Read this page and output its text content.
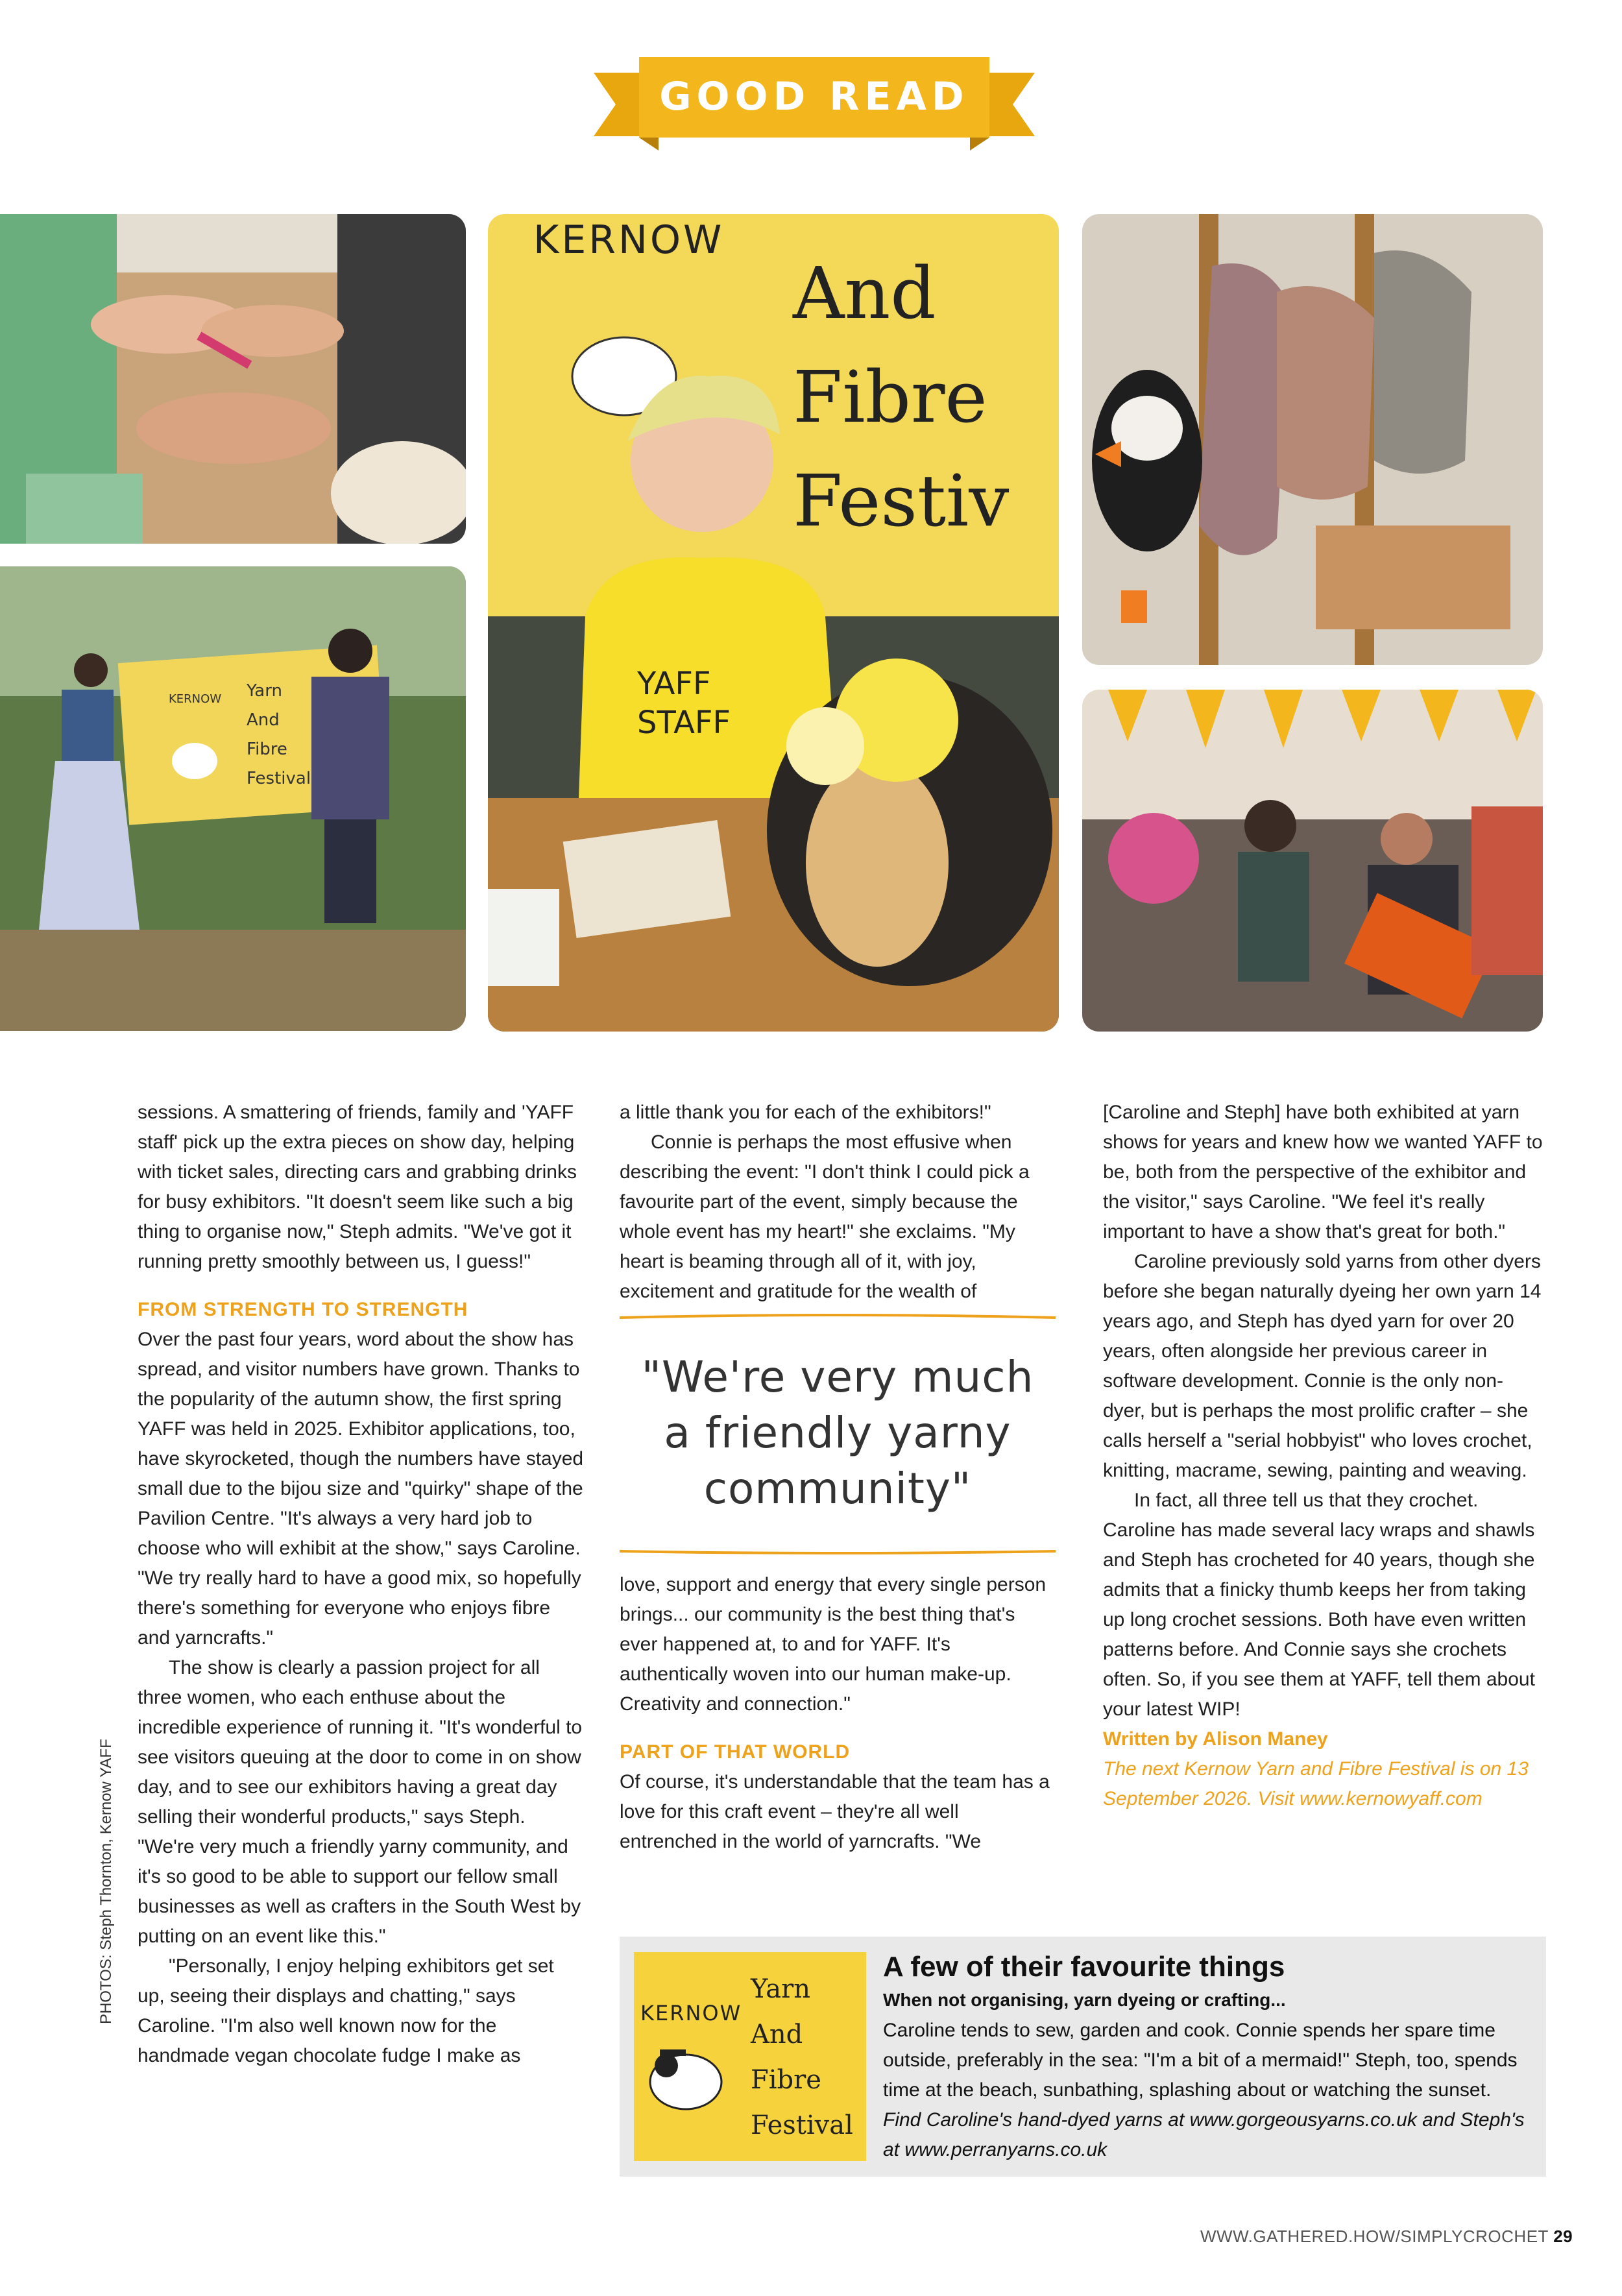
GOOD READ
KERNOW Yarn
And
Fibre
Festival
KERNOW
And
Fibre
Festiv
YAFF
STAFF

sessions. A smattering of friends, family and 'YAFF staff' pick up the extra pieces on show day, helping with ticket sales, directing cars and grabbing drinks for busy exhibitors. "It doesn't seem like such a big thing to organise now," Steph admits. "We've got it running pretty smoothly between us, I guess!"

FROM STRENGTH TO STRENGTH

Over the past four years, word about the show has spread, and visitor numbers have grown. Thanks to the popularity of the autumn show, the first spring YAFF was held in 2025. Exhibitor applications, too, have skyrocketed, though the numbers have stayed small due to the bijou size and "quirky" shape of the Pavilion Centre. "It's always a very hard job to choose who will exhibit at the show," says Caroline. "We try really hard to have a good mix, so hopefully there's something for everyone who enjoys fibre and yarncrafts."

The show is clearly a passion project for all three women, who each enthuse about the incredible experience of running it. "It's wonderful to see visitors queuing at the door to come in on show day, and to see our exhibitors having a great day selling their wonderful products," says Steph. "We're very much a friendly yarny community, and it's so good to be able to support our fellow small businesses as well as crafters in the South West by putting on an event like this."

"Personally, I enjoy helping exhibitors get set up, seeing their displays and chatting," says Caroline. "I'm also well known now for the handmade vegan chocolate fudge I make as

PHOTOS: Steph Thornton, Kernow YAFF

a little thank you for each of the exhibitors!"

Connie is perhaps the most effusive when describing the event: "I don't think I could pick a favourite part of the event, simply because the whole event has my heart!" she exclaims. "My heart is beaming through all of it, with joy, excitement and gratitude for the wealth of

"We're very much
a friendly yarny
community"

love, support and energy that every single person brings... our community is the best thing that's ever happened at, to and for YAFF. It's authentically woven into our human make-up. Creativity and connection."

PART OF THAT WORLD

Of course, it's understandable that the team has a love for this craft event – they're all well entrenched in the world of yarncrafts. "We

[Caroline and Steph] have both exhibited at yarn shows for years and knew how we wanted YAFF to be, both from the perspective of the exhibitor and the visitor," says Caroline. "We feel it's really important to have a show that's great for both."

Caroline previously sold yarns from other dyers before she began naturally dyeing her own yarn 14 years ago, and Steph has dyed yarn for over 20 years, often alongside her previous career in software development. Connie is the only non-dyer, but is perhaps the most prolific crafter – she calls herself a "serial hobbyist" who loves crochet, knitting, macrame, sewing, painting and weaving.

In fact, all three tell us that they crochet. Caroline has made several lacy wraps and shawls and Steph has crocheted for 40 years, though she admits that a finicky thumb keeps her from taking up long crochet sessions. Both have even written patterns before. And Connie says she crochets often. So, if you see them at YAFF, tell them about your latest WIP!

Written by Alison Maney

The next Kernow Yarn and Fibre Festival is on 13 September 2026. Visit www.kernowyaff.com

KERNOW
Yarn
And
Fibre
Festival
A few of their favourite things
When not organising, yarn dyeing or crafting...
Caroline tends to sew, garden and cook. Connie spends her spare time outside, preferably in the sea: "I'm a bit of a mermaid!" Steph, too, spends time at the beach, sunbathing, splashing about or watching the sunset. Find Caroline's hand-dyed yarns at www.gorgeousyarns.co.uk and Steph's at www.perranyarns.co.uk
WWW.GATHERED.HOW/SIMPLYCROCHET 29
